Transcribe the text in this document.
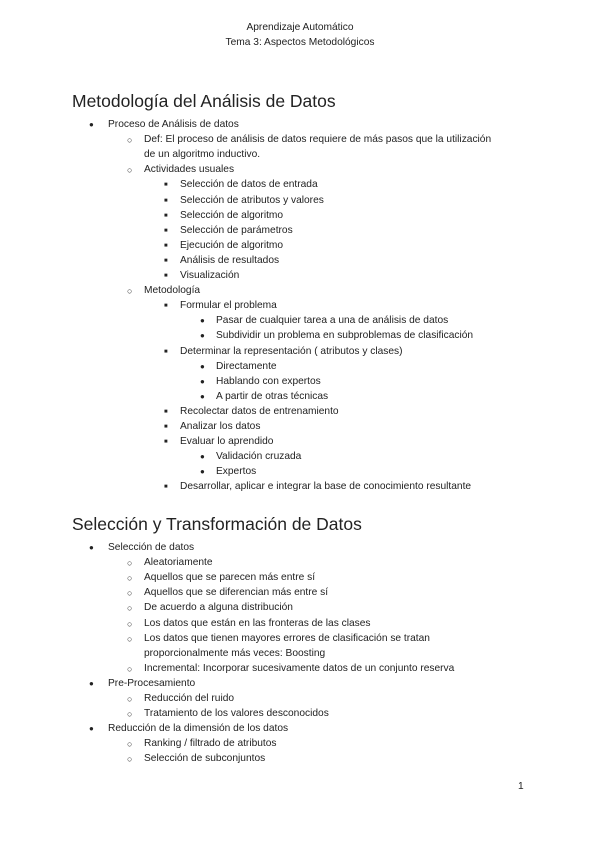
Aprendizaje Automático
Tema 3: Aspectos Metodológicos
Metodología del Análisis de Datos
● Proceso de Análisis de datos
○ Def: El proceso de análisis de datos requiere de más pasos que la utilización
de un algoritmo inductivo.
○ Actividades usuales
■ Selección de datos de entrada
■ Selección de atributos y valores
■ Selección de algoritmo
■ Selección de parámetros
■ Ejecución de algoritmo
■ Análisis de resultados
■ Visualización
○ Metodología
■ Formular el problema
● Pasar de cualquier tarea a una de análisis de datos
● Subdividir un problema en subproblemas de clasificación
■ Determinar la representación ( atributos y clases)
● Directamente
● Hablando con expertos
● A partir de otras técnicas
■ Recolectar datos de entrenamiento
■ Analizar los datos
■ Evaluar lo aprendido
● Validación cruzada
● Expertos
■ Desarrollar, aplicar e integrar la base de conocimiento resultante
Selección y Transformación de Datos
● Selección de datos
○ Aleatoriamente
○ Aquellos que se parecen más entre sí
○ Aquellos que se diferencian más entre sí
○ De acuerdo a alguna distribución
○ Los datos que están en las fronteras de las clases
○ Los datos que tienen mayores errores de clasificación se tratan
proporcionalmente más veces: Boosting
○ Incremental: Incorporar sucesivamente datos de un conjunto reserva
● Pre-Procesamiento
○ Reducción del ruido
○ Tratamiento de los valores desconocidos
● Reducción de la dimensión de los datos
○ Ranking / filtrado de atributos
○ Selección de subconjuntos
1
